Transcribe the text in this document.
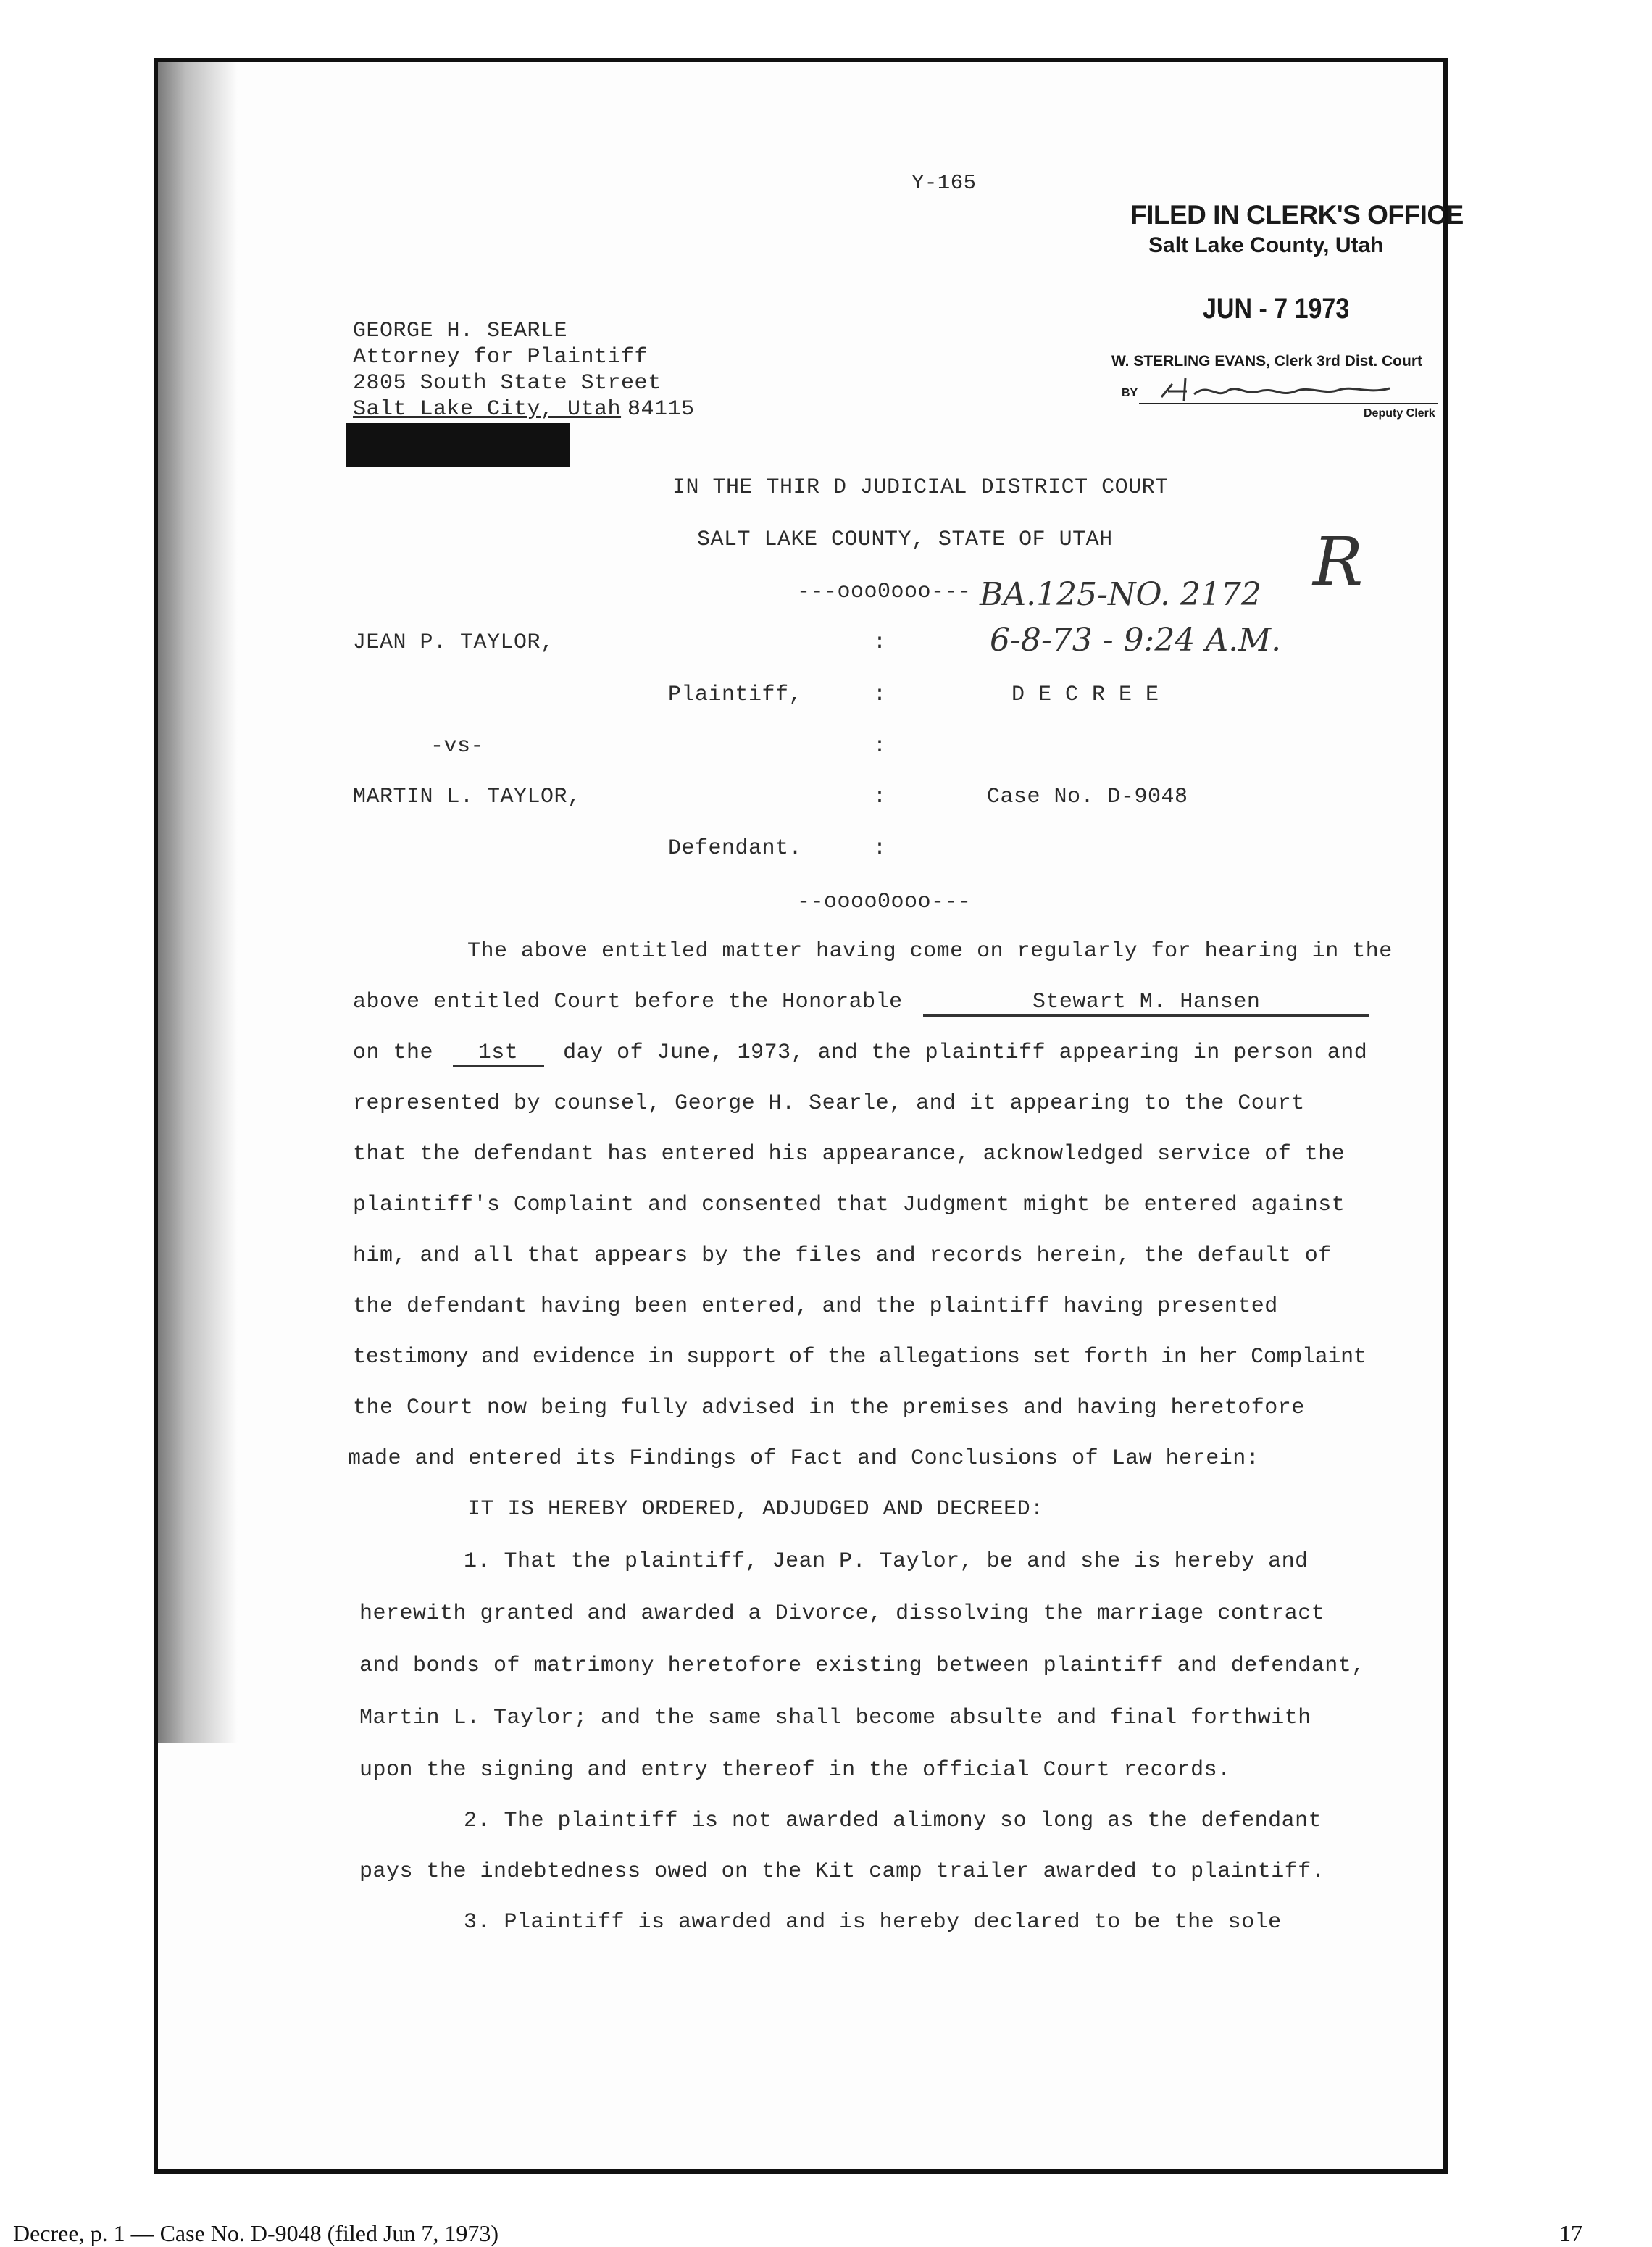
Y-165
FILED IN CLERK'S OFFICE
Salt Lake County, Utah
JUN - 7 1973
W. STERLING EVANS, Clerk 3rd Dist. Court
BY
Deputy Clerk
GEORGE H. SEARLE
Attorney for Plaintiff
2805 South State Street
Salt Lake City, Utah 84115
IN THE THIR D JUDICIAL DISTRICT COURT
SALT LAKE COUNTY, STATE OF UTAH
---ooo0ooo--- BA.125-NO. 2172 R
6-8-73 - 9:24 A.M.
JEAN P. TAYLOR,	:
Plaintiff,	:	D E C R E E
-vs-	:
MARTIN L. TAYLOR,	:	Case No. D-9048
Defendant.	:
--oooo0ooo---
The above entitled matter having come on regularly for hearing in the
above entitled Court before the Honorable	Stewart M. Hansen
on the 1st day of June, 1973, and the plaintiff appearing in person and
represented by counsel, George H. Searle, and it appearing to the Court
that the defendant has entered his appearance, acknowledged service of the
plaintiff's Complaint and consented that Judgment might be entered against
him, and all that appears by the files and records herein, the default of
the defendant having been entered, and the plaintiff having presented
testimony and evidence in support of the allegations set forth in her Complaint
the Court now being fully advised in the premises and having heretofore
made and entered its Findings of Fact and Conclusions of Law herein:
IT IS HEREBY ORDERED, ADJUDGED AND DECREED:
1. That the plaintiff, Jean P. Taylor, be and she is hereby and
herewith granted and awarded a Divorce, dissolving the marriage contract
and bonds of matrimony heretofore existing between plaintiff and defendant,
Martin L. Taylor; and the same shall become absulte and final forthwith
upon the signing and entry thereof in the official Court records.
2. The plaintiff is not awarded alimony so long as the defendant
pays the indebtedness owed on the Kit camp trailer awarded to plaintiff.
3. Plaintiff is awarded and is hereby declared to be the sole
Decree, p. 1 — Case No. D-9048 (filed Jun 7, 1973)	17
